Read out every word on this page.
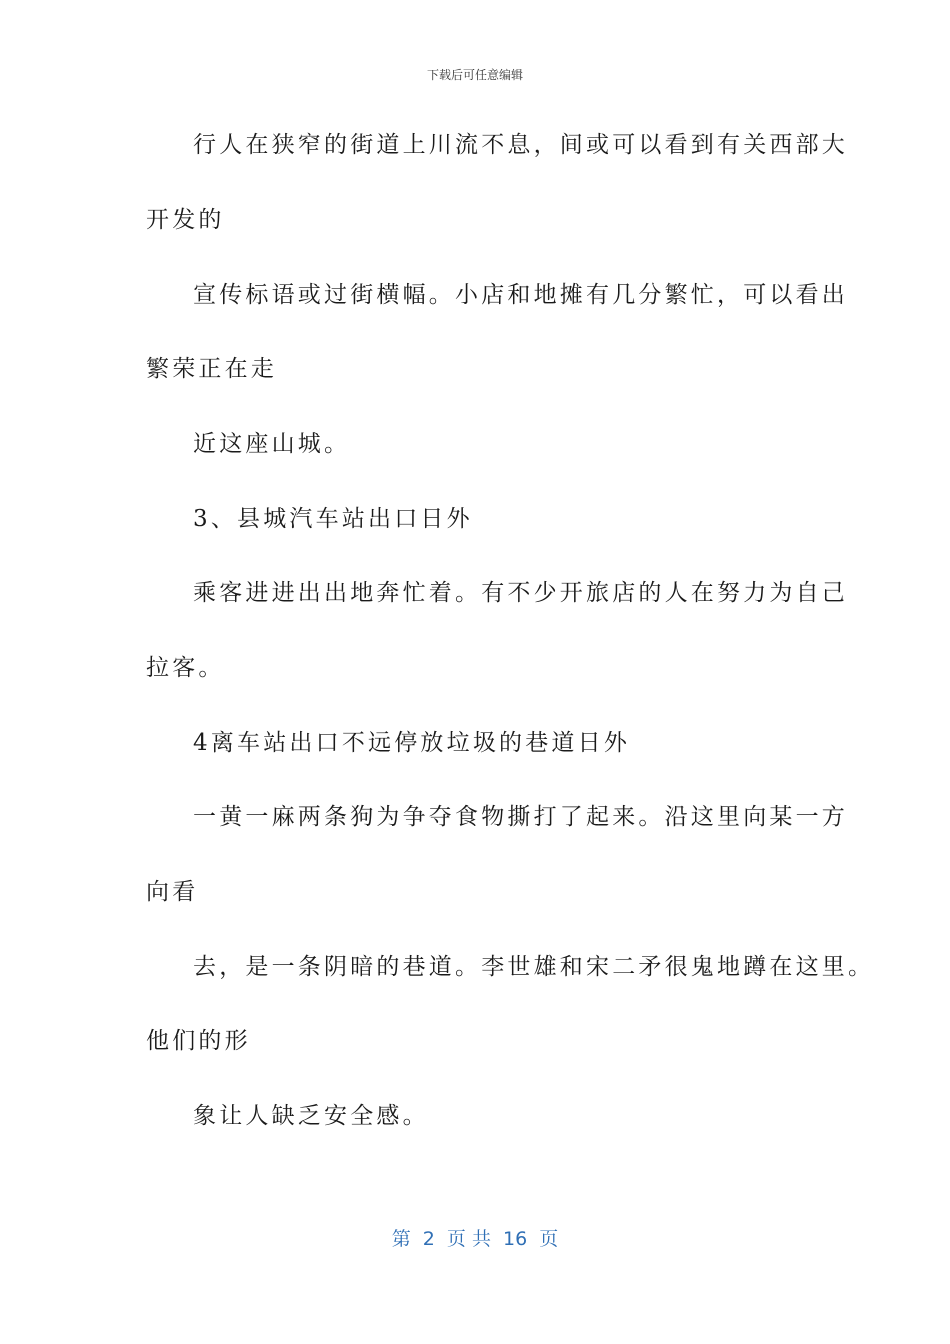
下载后可任意编辑
行人在狭窄的街道上川流不息，间或可以看到有关西部大
开发的
宣传标语或过街横幅。小店和地摊有几分繁忙，可以看出
繁荣正在走
近这座山城。
3、县城汽车站出口日外
乘客进进出出地奔忙着。有不少开旅店的人在努力为自己
拉客。
4离车站出口不远停放垃圾的巷道日外
一黄一麻两条狗为争夺食物撕打了起来。沿这里向某一方
向看
去，是一条阴暗的巷道。李世雄和宋二矛很鬼地蹲在这里。
他们的形
象让人缺乏安全感。
第  2  页 共  16  页
